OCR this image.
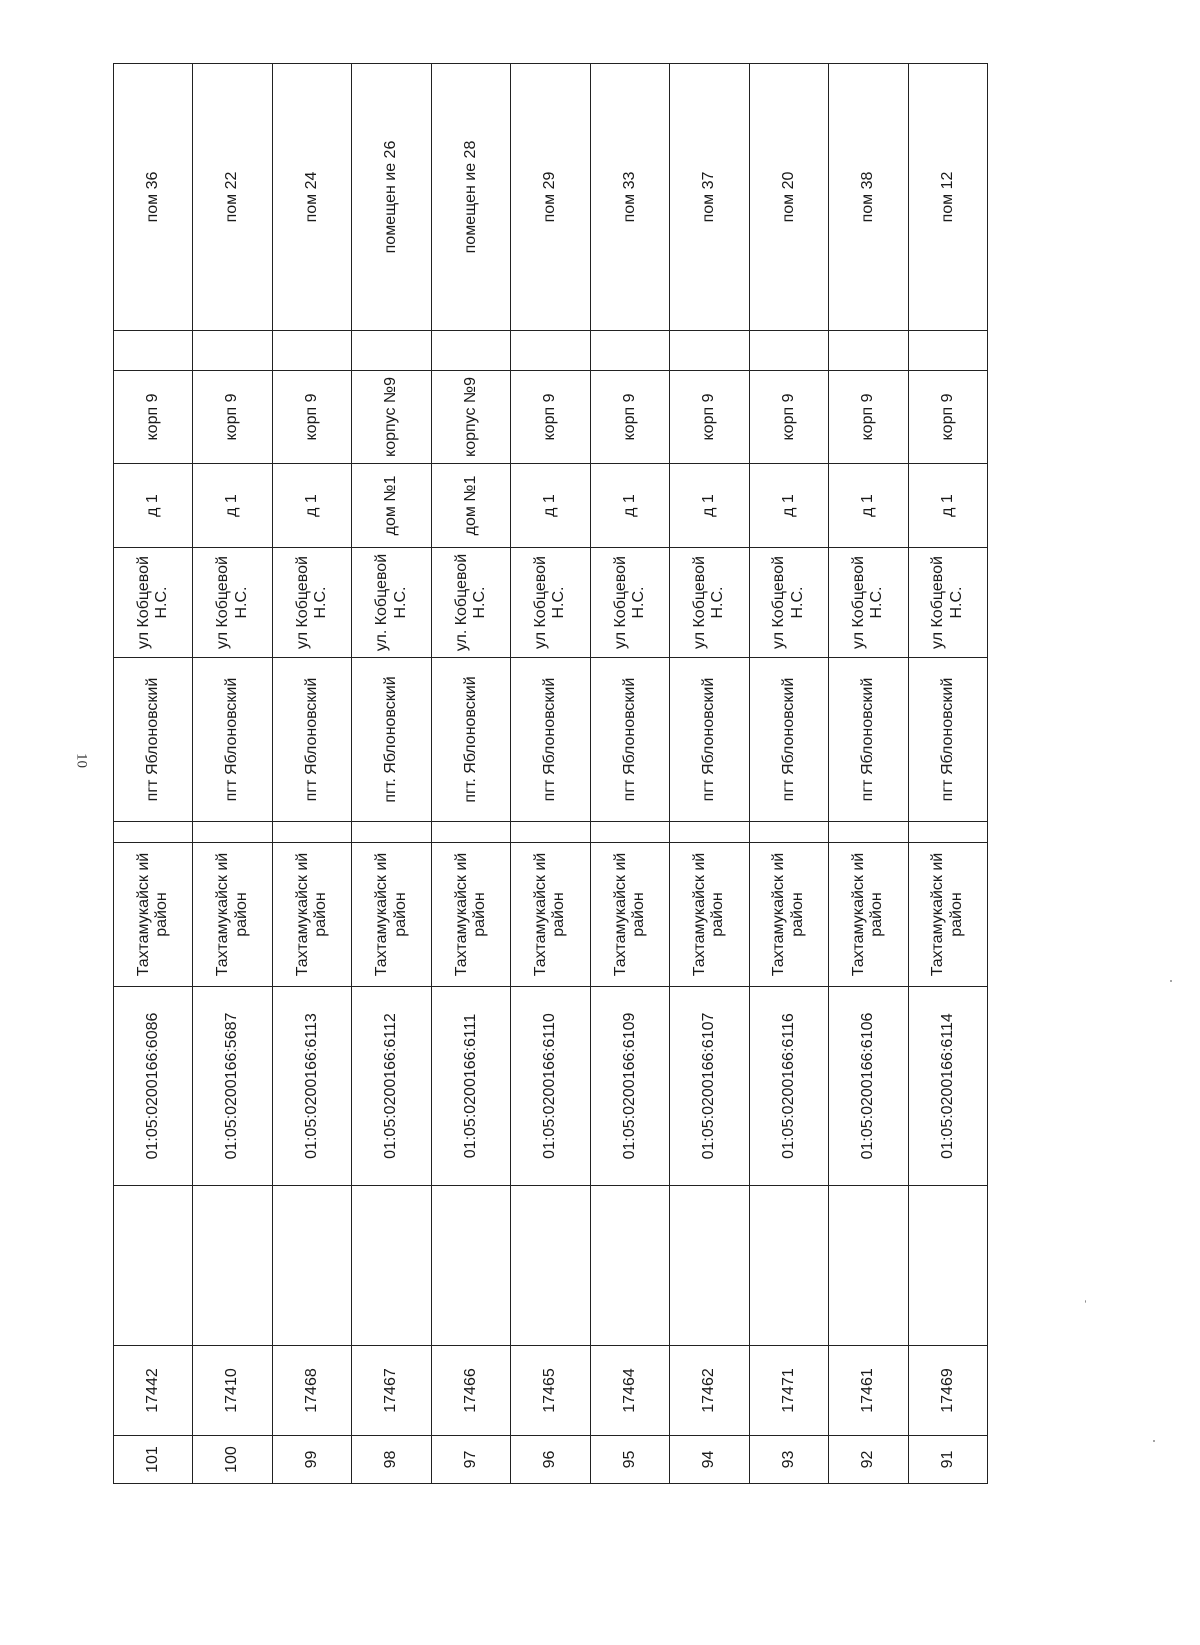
10
101	17442		01:05:0200166:6086	Тахтамукайск ий район		пгт Яблоновский	ул Кобцевой Н.С.	д 1	корп 9		пом 36
100	17410		01:05:0200166:5687	Тахтамукайск ий район		пгт Яблоновский	ул Кобцевой Н.С.	д 1	корп 9		пом 22
99	17468		01:05:0200166:6113	Тахтамукайск ий район		пгт Яблоновский	ул Кобцевой Н.С.	д 1	корп 9		пом 24
98	17467		01:05:0200166:6112	Тахтамукайск ий район		пгт. Яблоновский	ул. Кобцевой Н.С.	дом №1	корпус №9		помещен ие 26
97	17466		01:05:0200166:6111	Тахтамукайск ий район		пгт. Яблоновский	ул. Кобцевой Н.С.	дом №1	корпус №9		помещен ие 28
96	17465		01:05:0200166:6110	Тахтамукайск ий район		пгт Яблоновский	ул Кобцевой Н.С.	д 1	корп 9		пом 29
95	17464		01:05:0200166:6109	Тахтамукайск ий район		пгт Яблоновский	ул Кобцевой Н.С.	д 1	корп 9		пом 33
94	17462		01:05:0200166:6107	Тахтамукайск ий район		пгт Яблоновский	ул Кобцевой Н.С.	д 1	корп 9		пом 37
93	17471		01:05:0200166:6116	Тахтамукайск ий район		пгт Яблоновский	ул Кобцевой Н.С.	д 1	корп 9		пом 20
92	17461		01:05:0200166:6106	Тахтамукайск ий район		пгт Яблоновский	ул Кобцевой Н.С.	д 1	корп 9		пом 38
91	17469		01:05:0200166:6114	Тахтамукайск ий район		пгт Яблоновский	ул Кобцевой Н.С.	д 1	корп 9		пом 12
